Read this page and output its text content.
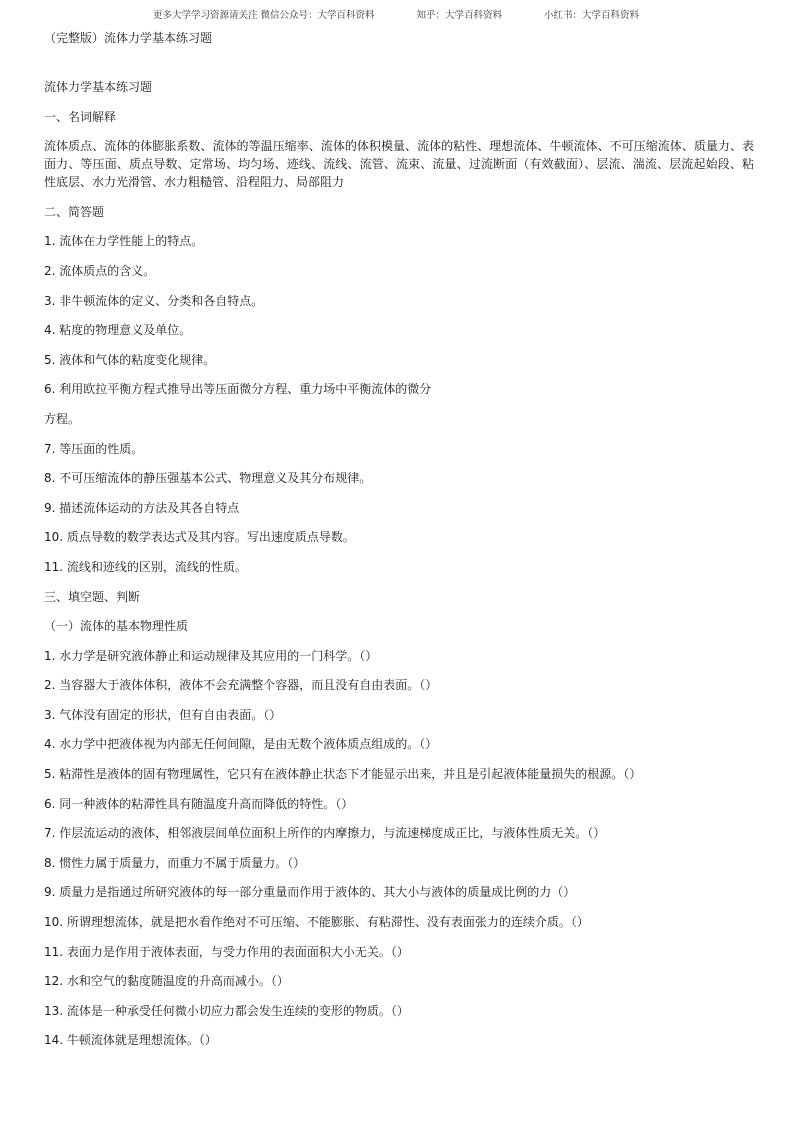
更多大学学习资源请关注 微信公众号：大学百科资料	知乎：大学百科资料	小红书：大学百科资料
（完整版）流体力学基本练习题
流体力学基本练习题
一、名词解释
流体质点、流体的体膨胀系数、流体的等温压缩率、流体的体积模量、流体的粘性、理想流体、牛顿流体、不可压缩流体、质量力、表面力、等压面、质点导数、定常场、均匀场、迹线、流线、流管、流束、流量、过流断面（有效截面）、层流、湍流、层流起始段、粘性底层、水力光滑管、水力粗糙管、沿程阻力、局部阻力
二、简答题
1. 流体在力学性能上的特点。
2. 流体质点的含义。
3. 非牛顿流体的定义、分类和各自特点。
4. 粘度的物理意义及单位。
5. 液体和气体的粘度变化规律。
6. 利用欧拉平衡方程式推导出等压面微分方程、重力场中平衡流体的微分
方程。
7. 等压面的性质。
8. 不可压缩流体的静压强基本公式、物理意义及其分布规律。
9. 描述流体运动的方法及其各自特点
10. 质点导数的数学表达式及其内容。写出速度质点导数。
11. 流线和迹线的区别，流线的性质。
三、填空题、判断
（一）流体的基本物理性质
1. 水力学是研究液体静止和运动规律及其应用的一门科学。（）
2. 当容器大于液体体积，液体不会充满整个容器，而且没有自由表面。（）
3. 气体没有固定的形状，但有自由表面。（）
4. 水力学中把液体视为内部无任何间隙，是由无数个液体质点组成的。（）
5. 粘滞性是液体的固有物理属性，它只有在液体静止状态下才能显示出来，并且是引起液体能量损失的根源。（）
6. 同一种液体的粘滞性具有随温度升高而降低的特性。（）
7. 作层流运动的液体，相邻液层间单位面积上所作的内摩擦力，与流速梯度成正比，与液体性质无关。（）
8. 惯性力属于质量力，而重力不属于质量力。（）
9. 质量力是指通过所研究液体的每一部分重量而作用于液体的、其大小与液体的质量成比例的力（）
10. 所谓理想流体，就是把水看作绝对不可压缩、不能膨胀、有粘滞性、没有表面张力的连续介质。（）
11. 表面力是作用于液体表面，与受力作用的表面面积大小无关。（）
12. 水和空气的黏度随温度的升高而减小。（）
13. 流体是一种承受任何微小切应力都会发生连续的变形的物质。（）
14. 牛顿流体就是理想流体。（）
